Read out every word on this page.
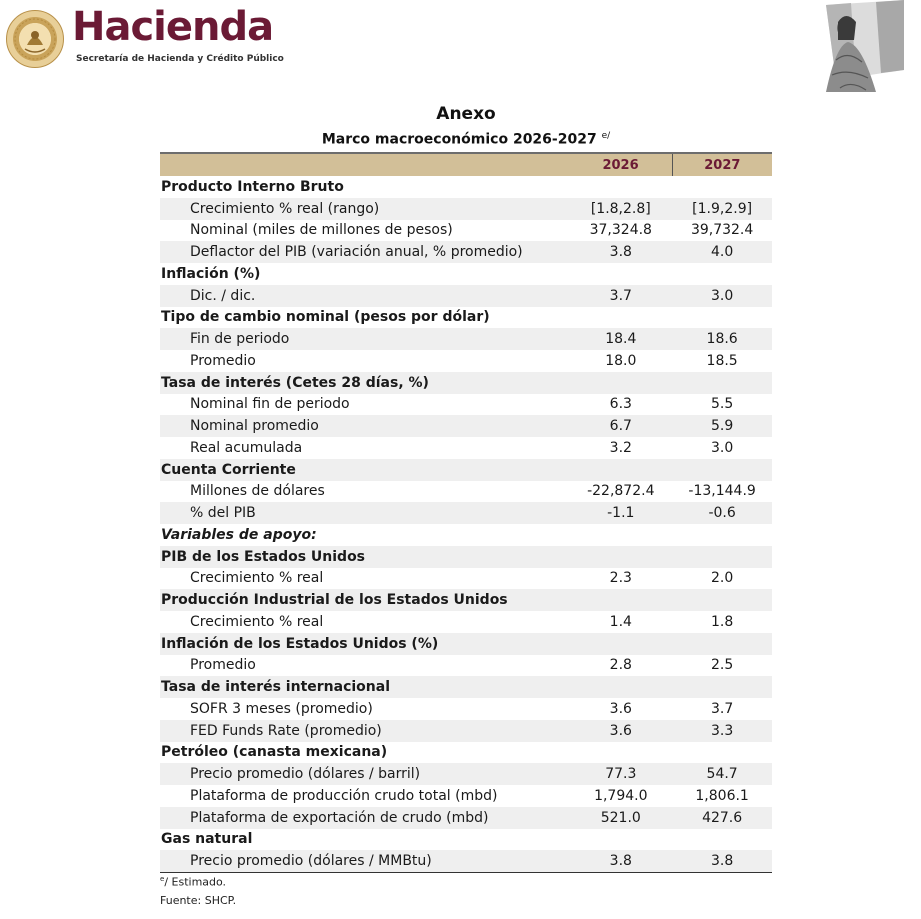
Hacienda
Secretaría de Hacienda y Crédito Público
Anexo
Marco macroeconómico 2026-2027 $^{e/}$
	2026	2027
Producto Interno Bruto		
Crecimiento % real (rango)	[1.8,2.8]	[1.9,2.9]
Nominal (miles de millones de pesos)	37,324.8	39,732.4
Deflactor del PIB (variación anual, % promedio)	3.8	4.0
Inflación (%)		
Dic. / dic.	3.7	3.0
Tipo de cambio nominal (pesos por dólar)		
Fin de periodo	18.4	18.6
Promedio	18.0	18.5
Tasa de interés (Cetes 28 días, %)		
Nominal fin de periodo	6.3	5.5
Nominal promedio	6.7	5.9
Real acumulada	3.2	3.0
Cuenta Corriente		
Millones de dólares	-22,872.4	-13,144.9
% del PIB	-1.1	-0.6
Variables de apoyo:		
PIB de los Estados Unidos		
Crecimiento % real	2.3	2.0
Producción Industrial de los Estados Unidos		
Crecimiento % real	1.4	1.8
Inflación de los Estados Unidos (%)		
Promedio	2.8	2.5
Tasa de interés internacional		
SOFR 3 meses (promedio)	3.6	3.7
FED Funds Rate (promedio)	3.6	3.3
Petróleo (canasta mexicana)		
Precio promedio (dólares / barril)	77.3	54.7
Plataforma de producción crudo total (mbd)	1,794.0	1,806.1
Plataforma de exportación de crudo (mbd)	521.0	427.6
Gas natural		
Precio promedio (dólares / MMBtu)	3.8	3.8
$^e$/ Estimado.
Fuente: SHCP.
